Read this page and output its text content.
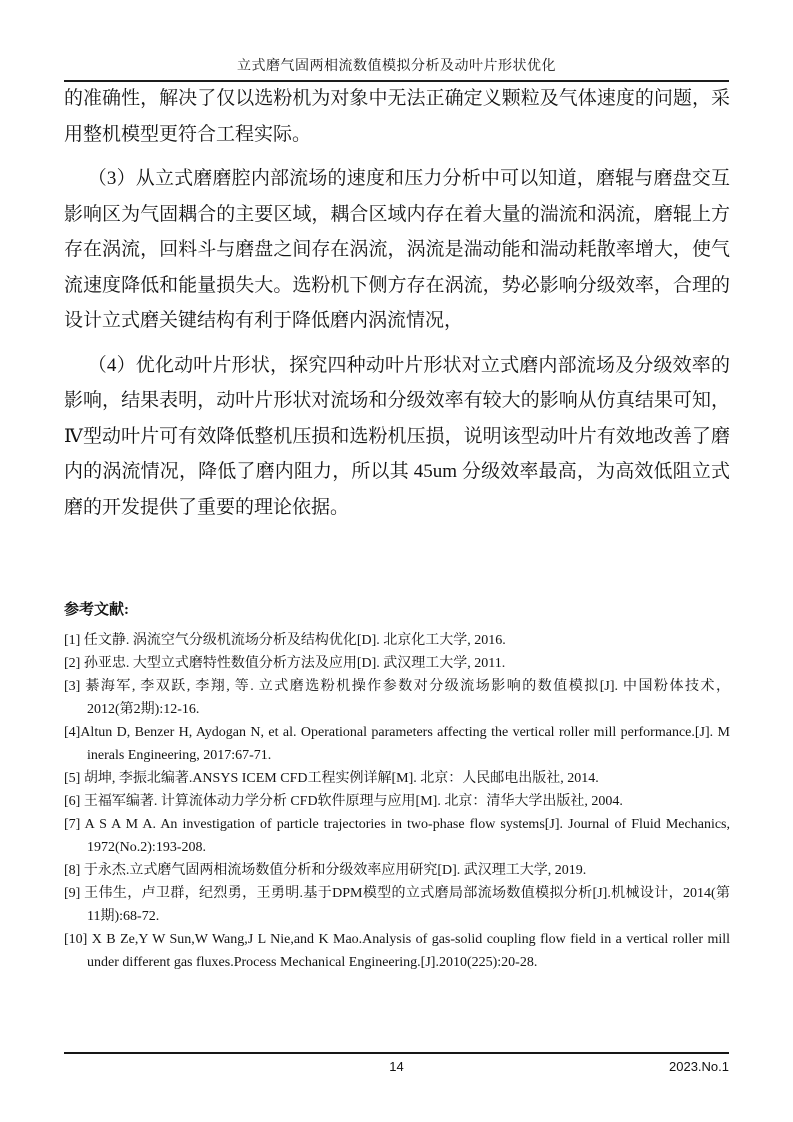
立式磨气固两相流数值模拟分析及动叶片形状优化

的准确性，解决了仅以选粉机为对象中无法正确定义颗粒及气体速度的问题，采用整机模型更符合工程实际。

（3）从立式磨磨腔内部流场的速度和压力分析中可以知道，磨辊与磨盘交互影响区为气固耦合的主要区域，耦合区域内存在着大量的湍流和涡流，磨辊上方存在涡流，回料斗与磨盘之间存在涡流，涡流是湍动能和湍动耗散率增大，使气流速度降低和能量损失大。选粉机下侧方存在涡流，势必影响分级效率，合理的设计立式磨关键结构有利于降低磨内涡流情况，

（4）优化动叶片形状，探究四种动叶片形状对立式磨内部流场及分级效率的影响，结果表明，动叶片形状对流场和分级效率有较大的影响从仿真结果可知，Ⅳ型动叶片可有效降低整机压损和选粉机压损，说明该型动叶片有效地改善了磨内的涡流情况，降低了磨内阻力，所以其 45um 分级效率最高，为高效低阻立式磨的开发提供了重要的理论依据。

参考文献:
[1] 任文静. 涡流空气分级机流场分析及结构优化[D]. 北京化工大学, 2016.
[2] 孙亚忠. 大型立式磨特性数值分析方法及应用[D]. 武汉理工大学, 2011.
[3] 綦海军, 李双跃, 李翔, 等. 立式磨选粉机操作参数对分级流场影响的数值模拟[J]. 中国粉体技术，
2012(第2期):12-16.
[4]Altun D, Benzer H, Aydogan N, et al. Operational parameters affecting the vertical roller mill performance.[J]. M
inerals Engineering, 2017:67-71.
[5] 胡坤, 李振北编著.ANSYS ICEM CFD工程实例详解[M]. 北京：人民邮电出版社, 2014.
[6] 王福军编著. 计算流体动力学分析 CFD软件原理与应用[M]. 北京：清华大学出版社, 2004.
[7] A S A M A. An investigation of particle trajectories in two-phase flow systems[J]. Journal of Fluid Mechanics,
1972(No.2):193-208.
[8] 于永杰.立式磨气固两相流场数值分析和分级效率应用研究[D]. 武汉理工大学, 2019.
[9] 王伟生，卢卫群，纪烈勇，王勇明.基于DPM模型的立式磨局部流场数值模拟分析[J].机械设计，2014(第
11期):68-72.
[10] X B Ze,Y W Sun,W Wang,J L Nie,and K Mao.Analysis of gas-solid coupling flow field in a vertical roller mill
under different gas fluxes.Process Mechanical Engineering.[J].2010(225):20-28.
14	2023.No.1
